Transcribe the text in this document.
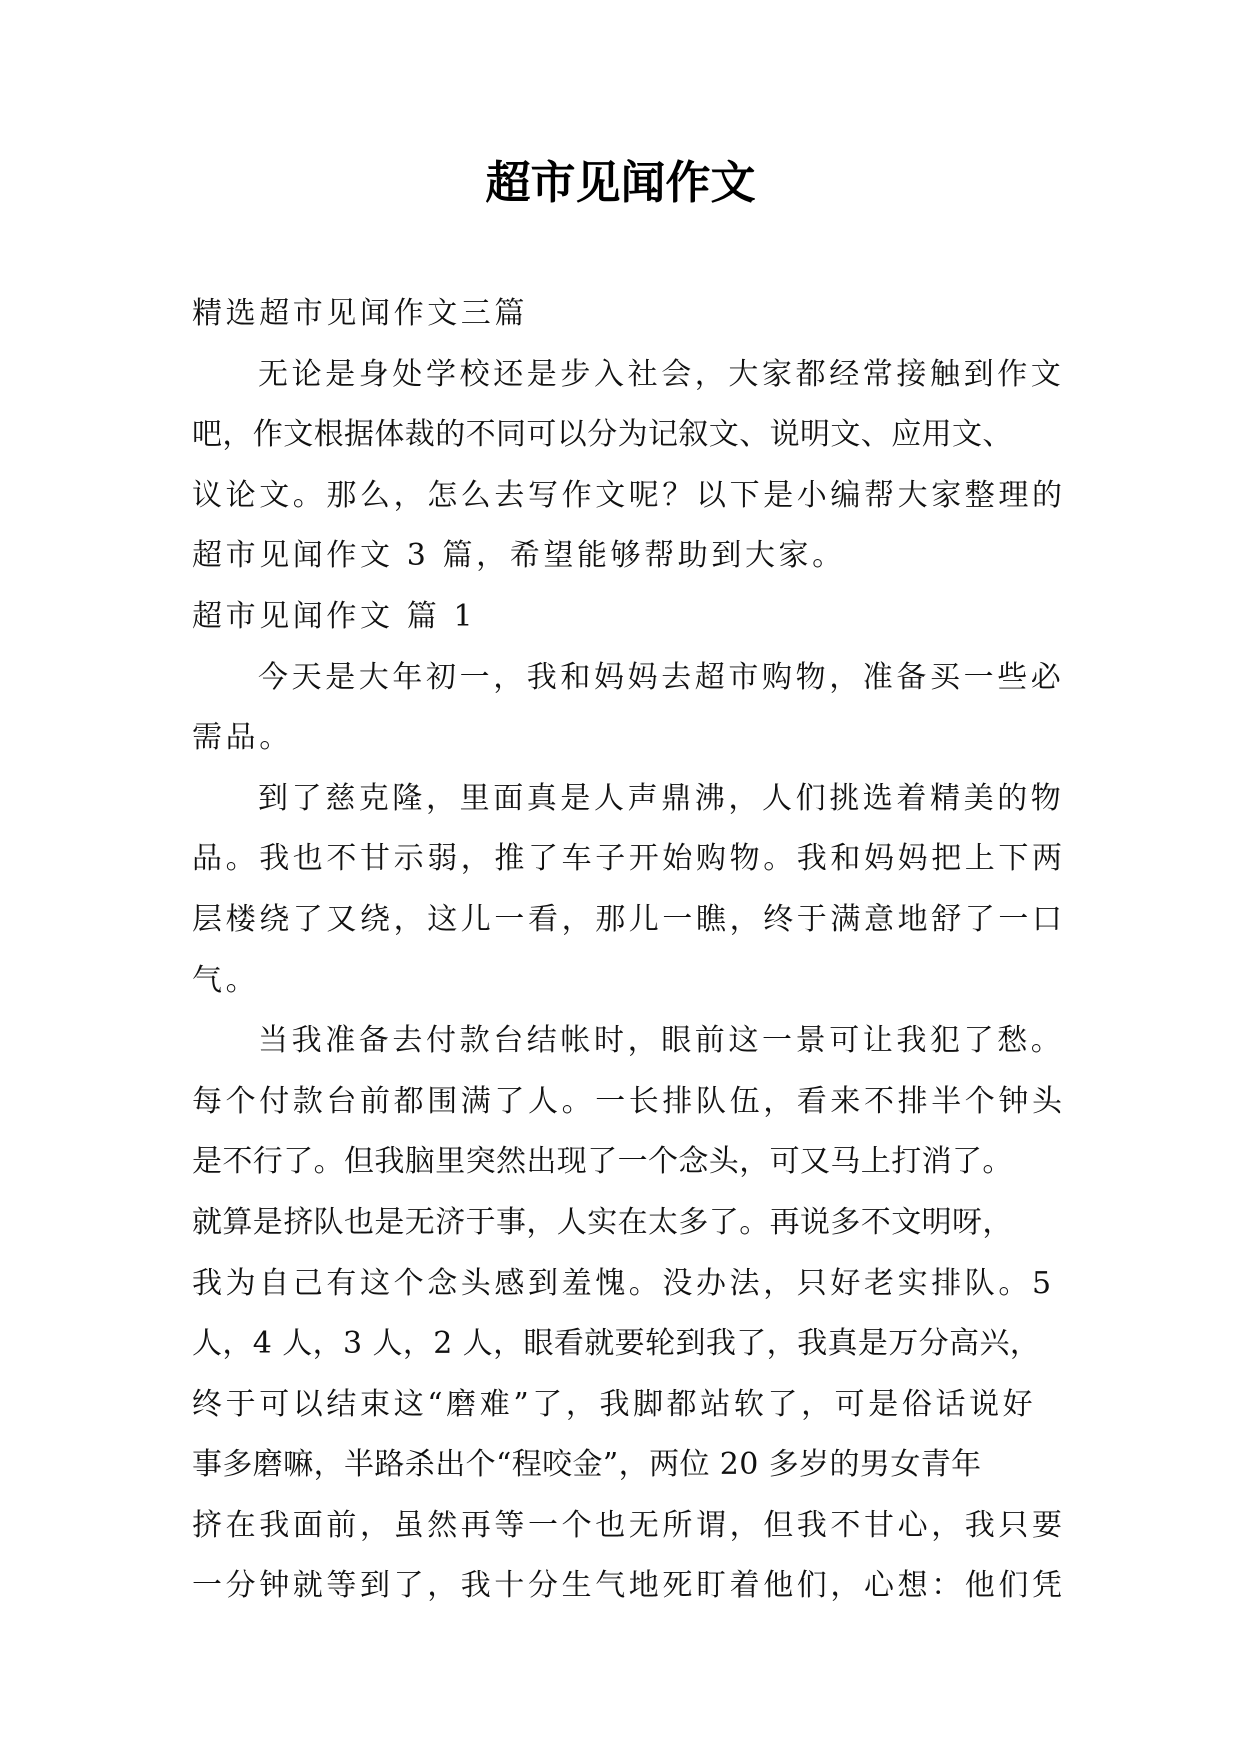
超市见闻作文
精选超市见闻作文三篇
无论是身处学校还是步入社会，大家都经常接触到作文
吧，作文根据体裁的不同可以分为记叙文、说明文、应用文、
议论文。那么，怎么去写作文呢？以下是小编帮大家整理的
超市见闻作文 3 篇，希望能够帮助到大家。
超市见闻作文 篇 1
今天是大年初一，我和妈妈去超市购物，准备买一些必
需品。
到了慈克隆，里面真是人声鼎沸，人们挑选着精美的物
品。我也不甘示弱，推了车子开始购物。我和妈妈把上下两
层楼绕了又绕，这儿一看，那儿一瞧，终于满意地舒了一口
气。
当我准备去付款台结帐时，眼前这一景可让我犯了愁。
每个付款台前都围满了人。一长排队伍，看来不排半个钟头
是不行了。但我脑里突然出现了一个念头，可又马上打消了。
就算是挤队也是无济于事，人实在太多了。再说多不文明呀，
我为自己有这个念头感到羞愧。没办法，只好老实排队。5
人，4 人，3 人，2 人，眼看就要轮到我了，我真是万分高兴，
终于可以结束这“磨难”了，我脚都站软了，可是俗话说好
事多磨嘛，半路杀出个“程咬金”，两位 20 多岁的男女青年
挤在我面前，虽然再等一个也无所谓，但我不甘心，我只要
一分钟就等到了，我十分生气地死盯着他们，心想：他们凭
